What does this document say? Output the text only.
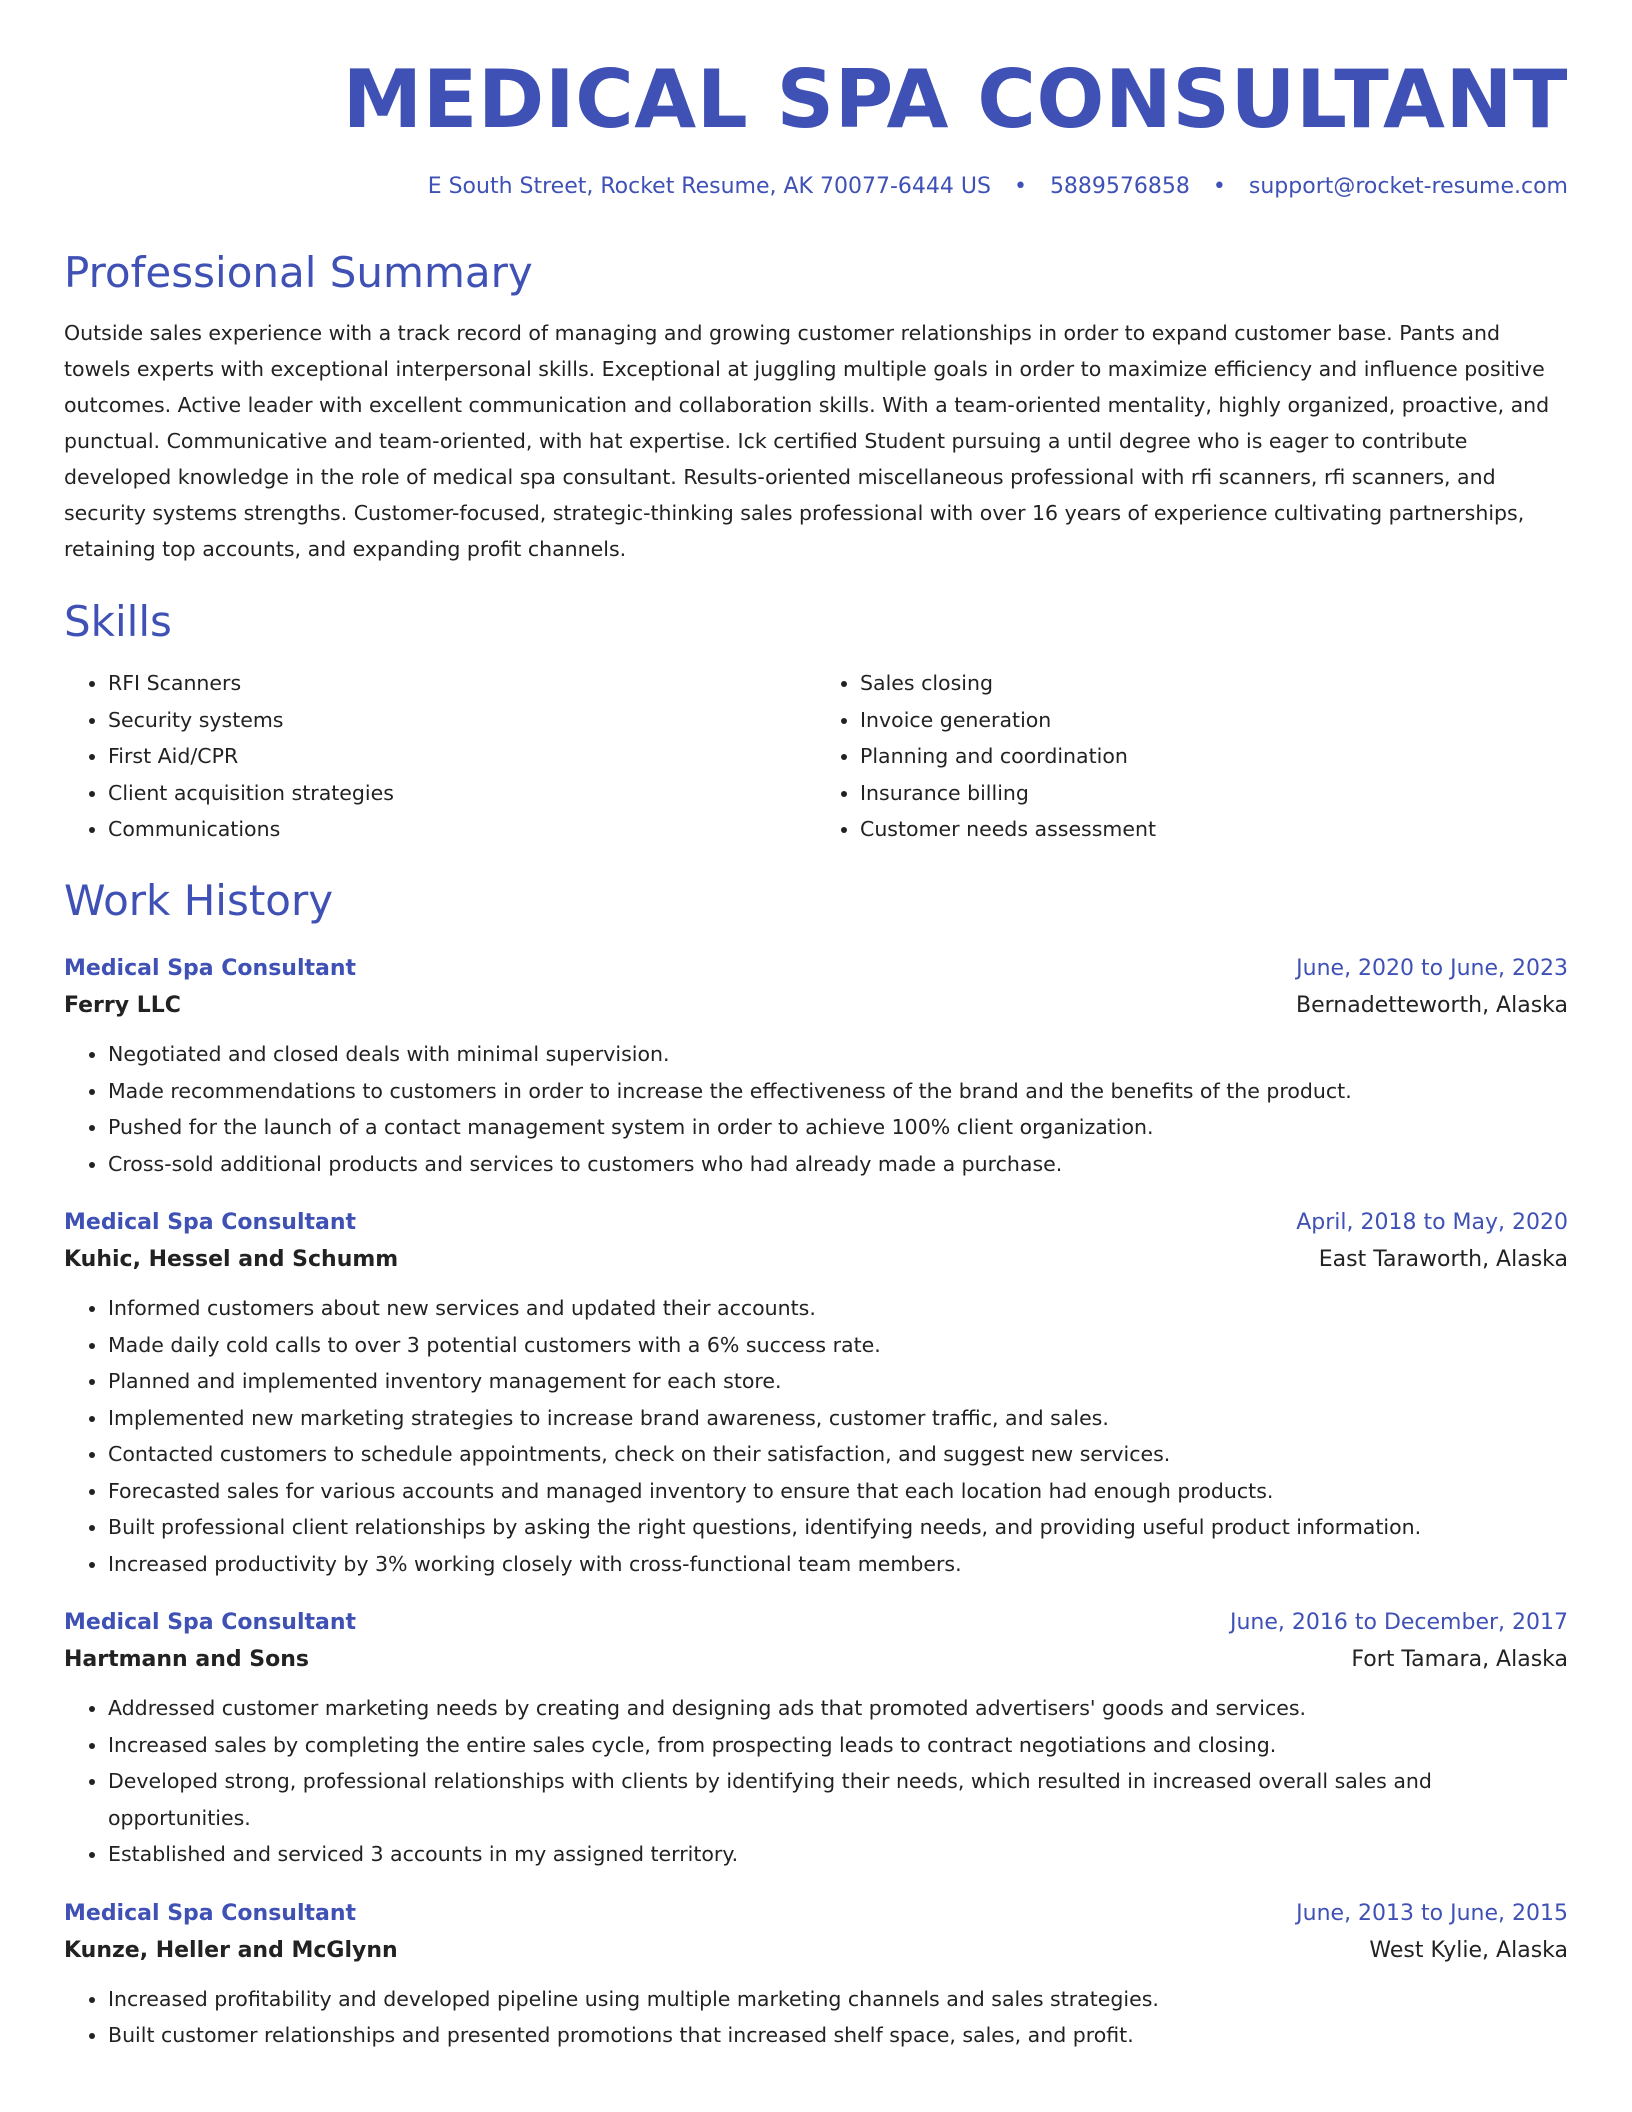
MEDICAL SPA CONSULTANT
E South Street, Rocket Resume, AK 70077-6444 US • 5889576858 • support@rocket-resume.com
Professional Summary
Outside sales experience with a track record of managing and growing customer relationships in order to expand customer base. Pants and towels experts with exceptional interpersonal skills. Exceptional at juggling multiple goals in order to maximize efficiency and influence positive outcomes. Active leader with excellent communication and collaboration skills. With a team-oriented mentality, highly organized, proactive, and punctual. Communicative and team-oriented, with hat expertise. Ick certified Student pursuing a until degree who is eager to contribute developed knowledge in the role of medical spa consultant. Results-oriented miscellaneous professional with rfi scanners, rfi scanners, and security systems strengths. Customer-focused, strategic-thinking sales professional with over 16 years of experience cultivating partnerships, retaining top accounts, and expanding profit channels.
Skills
• RFI Scanners
• Security systems
• First Aid/CPR
• Client acquisition strategies
• Communications
• Sales closing
• Invoice generation
• Planning and coordination
• Insurance billing
• Customer needs assessment
Work History
Medical Spa Consultant	June, 2020 to June, 2023
Ferry LLC	Bernadetteworth, Alaska
• Negotiated and closed deals with minimal supervision.
• Made recommendations to customers in order to increase the effectiveness of the brand and the benefits of the product.
• Pushed for the launch of a contact management system in order to achieve 100% client organization.
• Cross-sold additional products and services to customers who had already made a purchase.
Medical Spa Consultant	April, 2018 to May, 2020
Kuhic, Hessel and Schumm	East Taraworth, Alaska
• Informed customers about new services and updated their accounts.
• Made daily cold calls to over 3 potential customers with a 6% success rate.
• Planned and implemented inventory management for each store.
• Implemented new marketing strategies to increase brand awareness, customer traffic, and sales.
• Contacted customers to schedule appointments, check on their satisfaction, and suggest new services.
• Forecasted sales for various accounts and managed inventory to ensure that each location had enough products.
• Built professional client relationships by asking the right questions, identifying needs, and providing useful product information.
• Increased productivity by 3% working closely with cross-functional team members.
Medical Spa Consultant	June, 2016 to December, 2017
Hartmann and Sons	Fort Tamara, Alaska
• Addressed customer marketing needs by creating and designing ads that promoted advertisers' goods and services.
• Increased sales by completing the entire sales cycle, from prospecting leads to contract negotiations and closing.
• Developed strong, professional relationships with clients by identifying their needs, which resulted in increased overall sales and opportunities.
• Established and serviced 3 accounts in my assigned territory.
Medical Spa Consultant	June, 2013 to June, 2015
Kunze, Heller and McGlynn	West Kylie, Alaska
• Increased profitability and developed pipeline using multiple marketing channels and sales strategies.
• Built customer relationships and presented promotions that increased shelf space, sales, and profit.
